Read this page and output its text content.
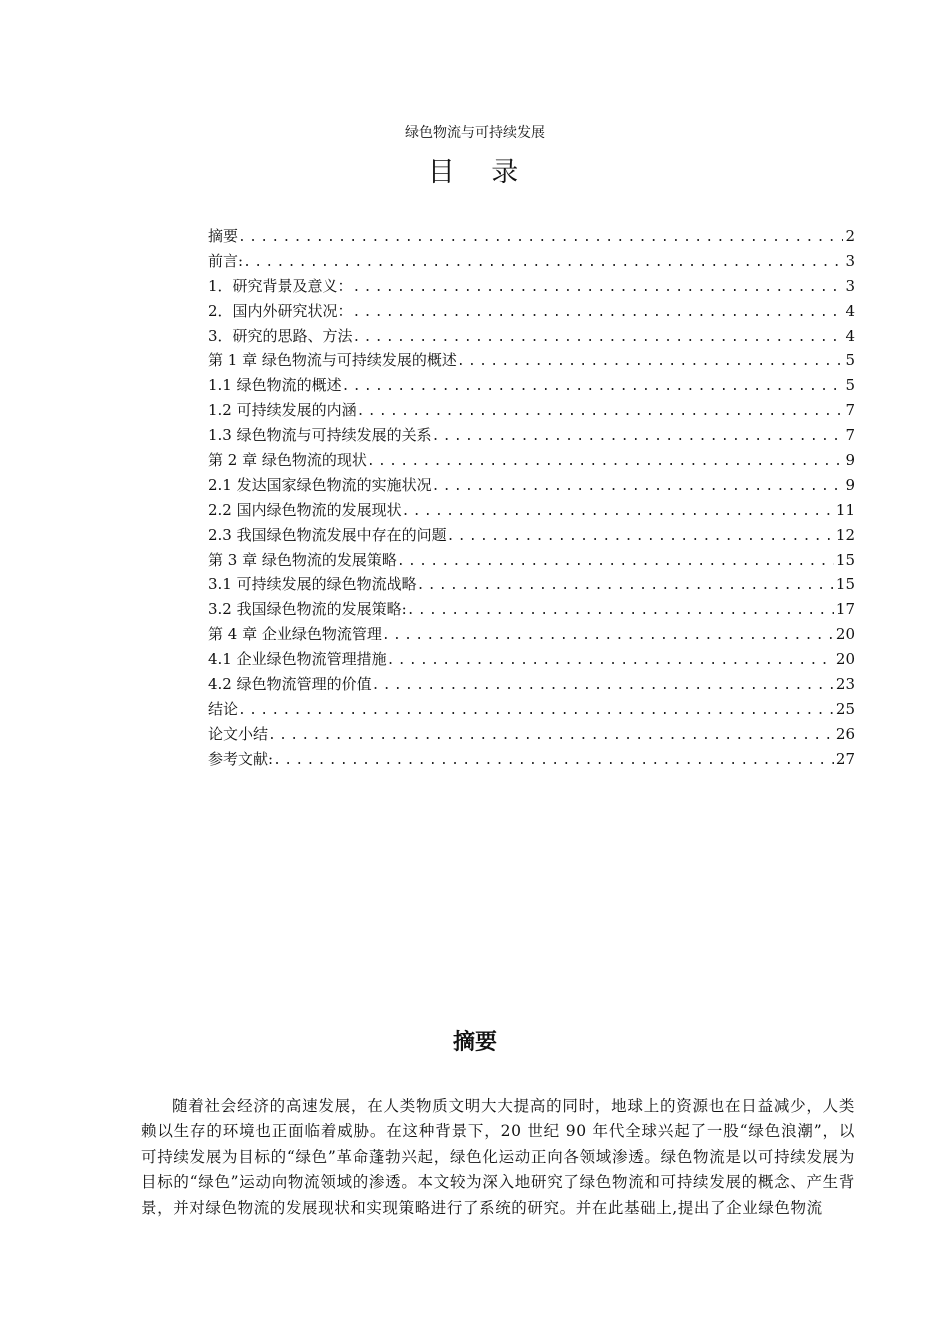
绿色物流与可持续发展
目 录
摘要 .....	2
前言: .....	3
1．研究背景及意义： .....	3
2．国内外研究状况： .....	4
3．研究的思路、方法 .....	4
第 1 章 绿色物流与可持续发展的概述 .....	5
1.1 绿色物流的概述 .....	5
1.2 可持续发展的内涵 .....	7
1.3 绿色物流与可持续发展的关系 .....	7
第 2 章 绿色物流的现状 .....	9
2.1 发达国家绿色物流的实施状况 .....	9
2.2 国内绿色物流的发展现状 .....	11
2.3 我国绿色物流发展中存在的问题 .....	12
第 3 章 绿色物流的发展策略 .....	15
3.1 可持续发展的绿色物流战略 .....	15
3.2 我国绿色物流的发展策略: .....	17
第 4 章 企业绿色物流管理 .....	20
4.1 企业绿色物流管理措施 .....	20
4.2 绿色物流管理的价值 .....	23
结论 .....	25
论文小结 .....	26
参考文献: .....	27
摘要

随着社会经济的高速发展，在人类物质文明大大提高的同时，地球上的资源也在日益减少，人类赖以生存的环境也正面临着威胁。在这种背景下，20 世纪 90 年代全球兴起了一股“绿色浪潮”，以可持续发展为目标的“绿色”革命蓬勃兴起，绿色化运动正向各领域渗透。绿色物流是以可持续发展为目标的“绿色”运动向物流领域的渗透。本文较为深入地研究了绿色物流和可持续发展的概念、产生背景，并对绿色物流的发展现状和实现策略进行了系统的研究。并在此基础上,提出了企业绿色物流
